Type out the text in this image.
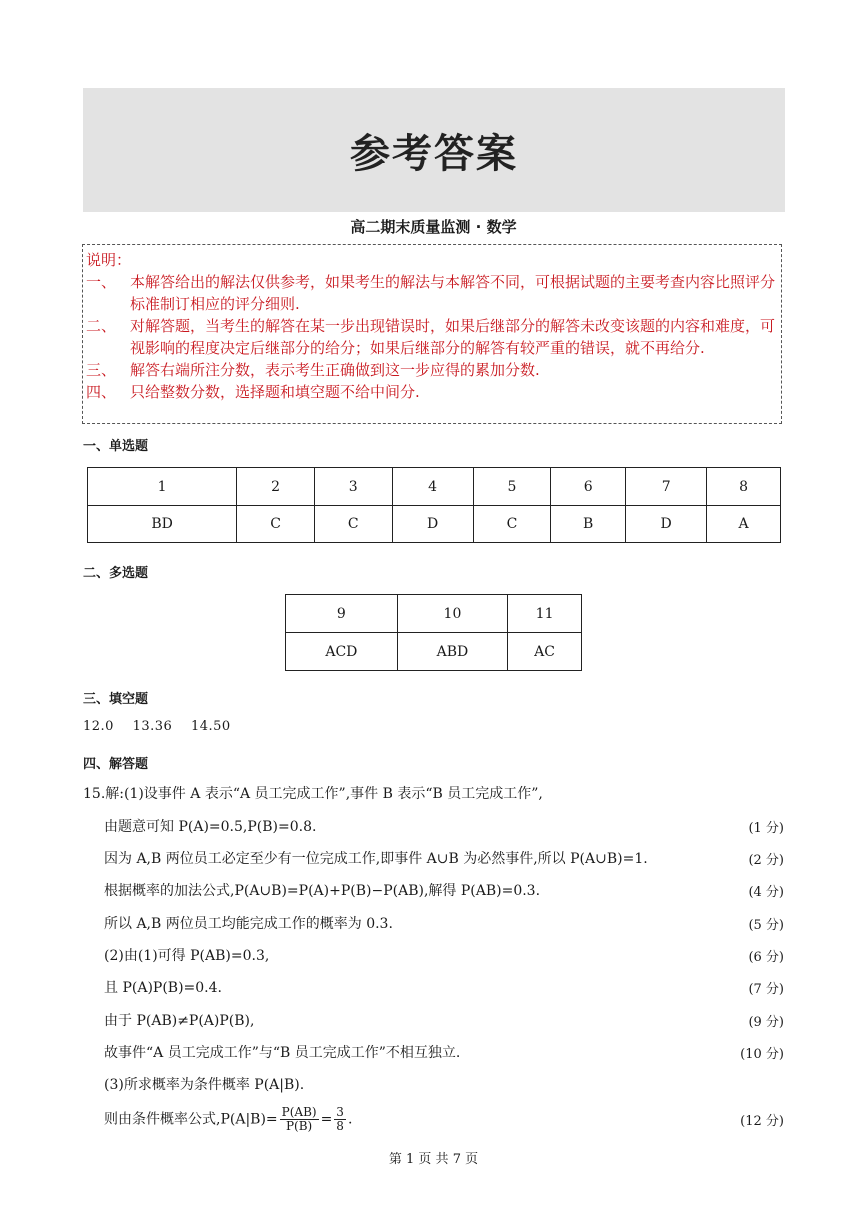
参考答案
高二期末质量监测 · 数学
说明：
一、 本解答给出的解法仅供参考，如果考生的解法与本解答不同，可根据试题的主要考查内容比照评分标准制订相应的评分细则.
二、 对解答题，当考生的解答在某一步出现错误时，如果后继部分的解答未改变该题的内容和难度，可视影响的程度决定后继部分的给分；如果后继部分的解答有较严重的错误，就不再给分.
三、 解答右端所注分数，表示考生正确做到这一步应得的累加分数.
四、 只给整数分数，选择题和填空题不给中间分.
一、单选题
1	2	3	4	5	6	7	8
BD	C	C	D	C	B	D	A
二、多选题
9	10	11
ACD	ABD	AC
三、填空题
12.0 13.36 14.50
四、解答题
15.解:(1)设事件 A 表示“A 员工完成工作”,事件 B 表示“B 员工完成工作”,
由题意可知 P(A)=0.5,P(B)=0.8.	(1 分)
因为 A,B 两位员工必定至少有一位完成工作,即事件 A∪B 为必然事件,所以 P(A∪B)=1.	(2 分)
根据概率的加法公式,P(A∪B)=P(A)+P(B)−P(AB),解得 P(AB)=0.3.	(4 分)
所以 A,B 两位员工均能完成工作的概率为 0.3.	(5 分)
(2)由(1)可得 P(AB)=0.3,	(6 分)
且 P(A)P(B)=0.4.	(7 分)
由于 P(AB)≠P(A)P(B),	(9 分)
故事件“A 员工完成工作”与“B 员工完成工作”不相互独立.	(10 分)
(3)所求概率为条件概率 P(A|B).
则由条件概率公式$,P(A|B)= \frac{P(AB)}{P(B)} = \frac{3}{8}$ .	(12 分)
第 1 页 共 7 页
